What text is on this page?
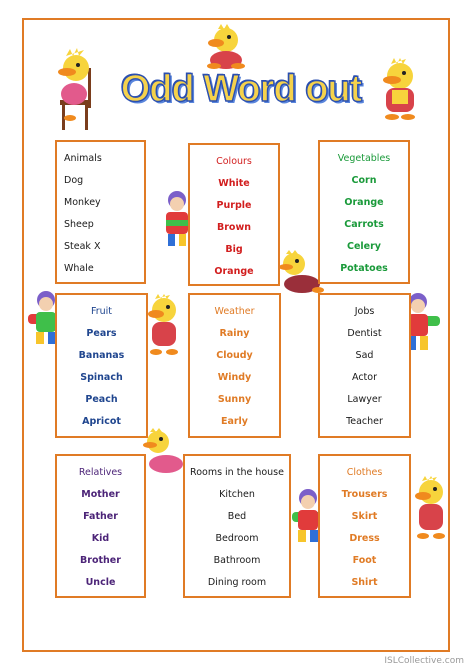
Odd Word out
Animals
Dog
Monkey
Sheep
Steak X
Whale
Colours
White
Purple
Brown
Big
Orange
Vegetables
Corn
Orange
Carrots
Celery
Potatoes
Fruit
Pears
Bananas
Spinach
Peach
Apricot
Weather
Rainy
Cloudy
Windy
Sunny
Early
Jobs
Dentist
Sad
Actor
Lawyer
Teacher
Relatives
Mother
Father
Kid
Brother
Uncle
Rooms in the house
Kitchen
Bed
Bedroom
Bathroom
Dining room
Clothes
Trousers
Skirt
Dress
Foot
Shirt
ISLCollective.com
